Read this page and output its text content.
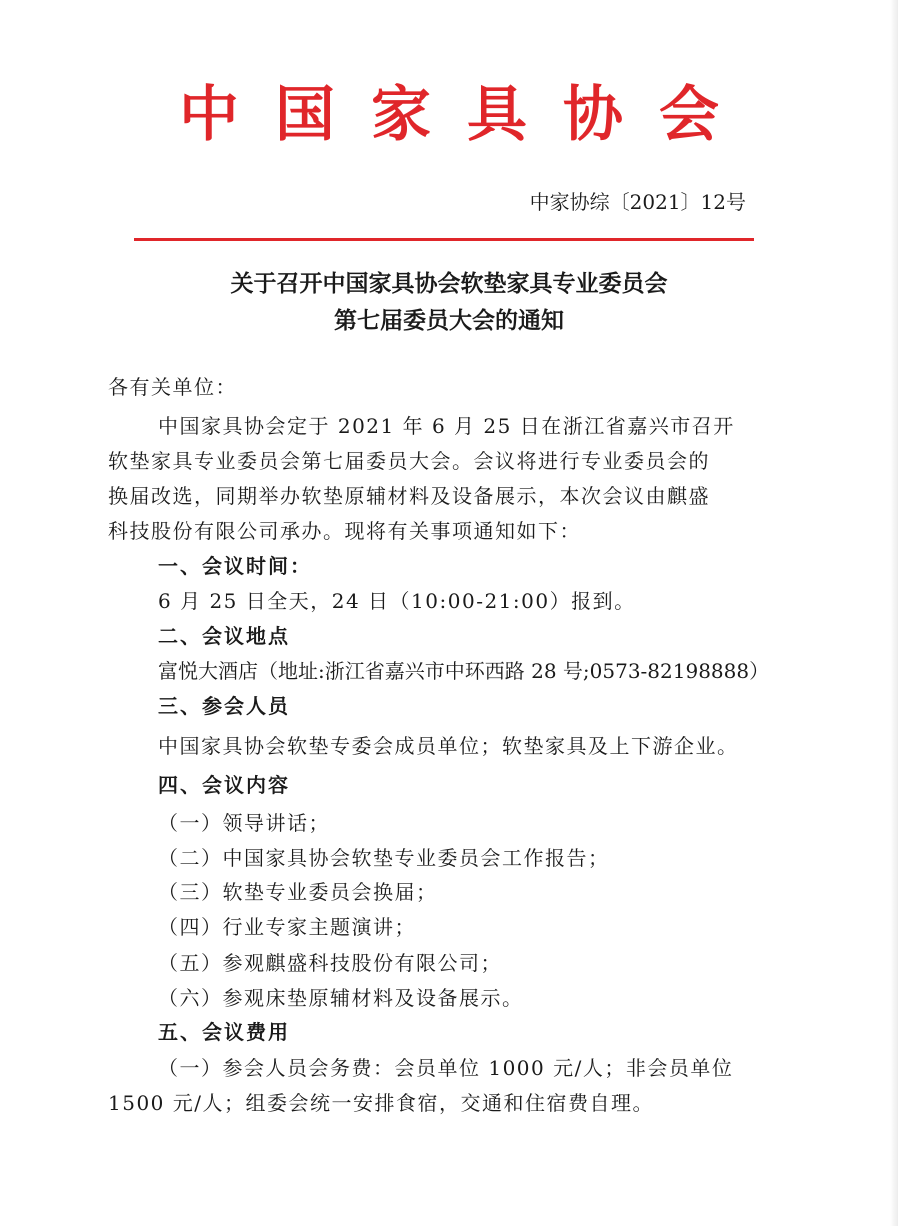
中国家具协会
中家协综〔2021〕12号
关于召开中国家具协会软垫家具专业委员会
第七届委员大会的通知
各有关单位：
中国家具协会定于 2021 年 6 月 25 日在浙江省嘉兴市召开
软垫家具专业委员会第七届委员大会。会议将进行专业委员会的
换届改选，同期举办软垫原辅材料及设备展示，本次会议由麒盛
科技股份有限公司承办。现将有关事项通知如下：
一、会议时间：
6 月 25 日全天，24 日（10:00-21:00）报到。
二、会议地点
富悦大酒店（地址:浙江省嘉兴市中环西路 28 号;0573-82198888）
三、参会人员
中国家具协会软垫专委会成员单位；软垫家具及上下游企业。
四、会议内容
（一）领导讲话；
（二）中国家具协会软垫专业委员会工作报告；
（三）软垫专业委员会换届；
（四）行业专家主题演讲；
（五）参观麒盛科技股份有限公司；
（六）参观床垫原辅材料及设备展示。
五、会议费用
（一）参会人员会务费：会员单位 1000 元/人；非会员单位
1500 元/人；组委会统一安排食宿，交通和住宿费自理。
